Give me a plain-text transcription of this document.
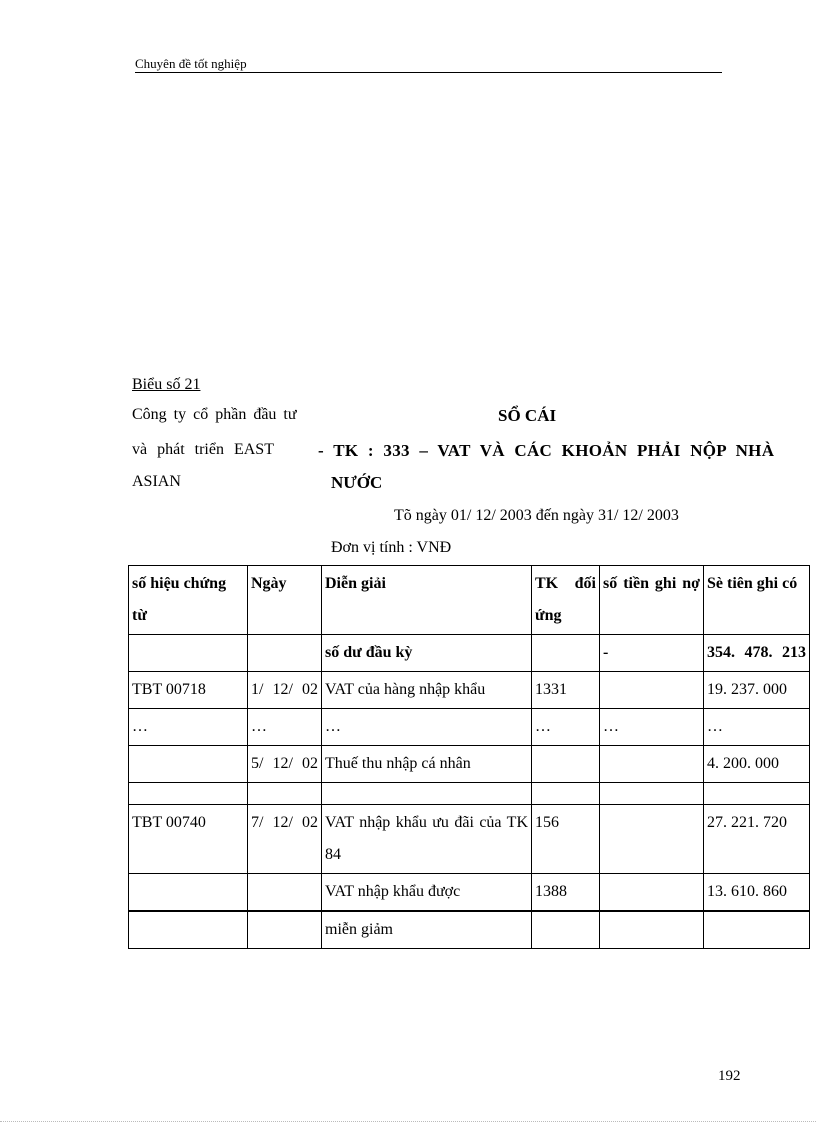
Chuyên đề tốt nghiệp
Biểu số 21
Công ty cổ phần đầu tư
và phát triển EAST
ASIAN
SỔ CÁI
- TK : 333 – VAT VÀ CÁC KHOẢN PHẢI NỘP NHÀ
NƯỚC
Tõ ngày 01/ 12/ 2003 đến ngày 31/ 12/ 2003
Đơn vị tính : VNĐ
số hiệu chứng từ	Ngày	Diễn giải	TK đối ứng	số tiền ghi nợ	Sè tiên ghi có
		số dư đầu kỳ		-	354. 478. 213
TBT 00718	1/ 12/ 02	VAT của hàng nhập khẩu	1331		19. 237. 000
…	…	…	…	…	…
	5/ 12/ 02	Thuế thu nhập cá nhân			4. 200. 000

TBT 00740	7/ 12/ 02	VAT nhập khẩu ưu đãi của TK 84	156		27. 221. 720
		VAT nhập khẩu được	1388		13. 610. 860
		miễn giảm			
192
